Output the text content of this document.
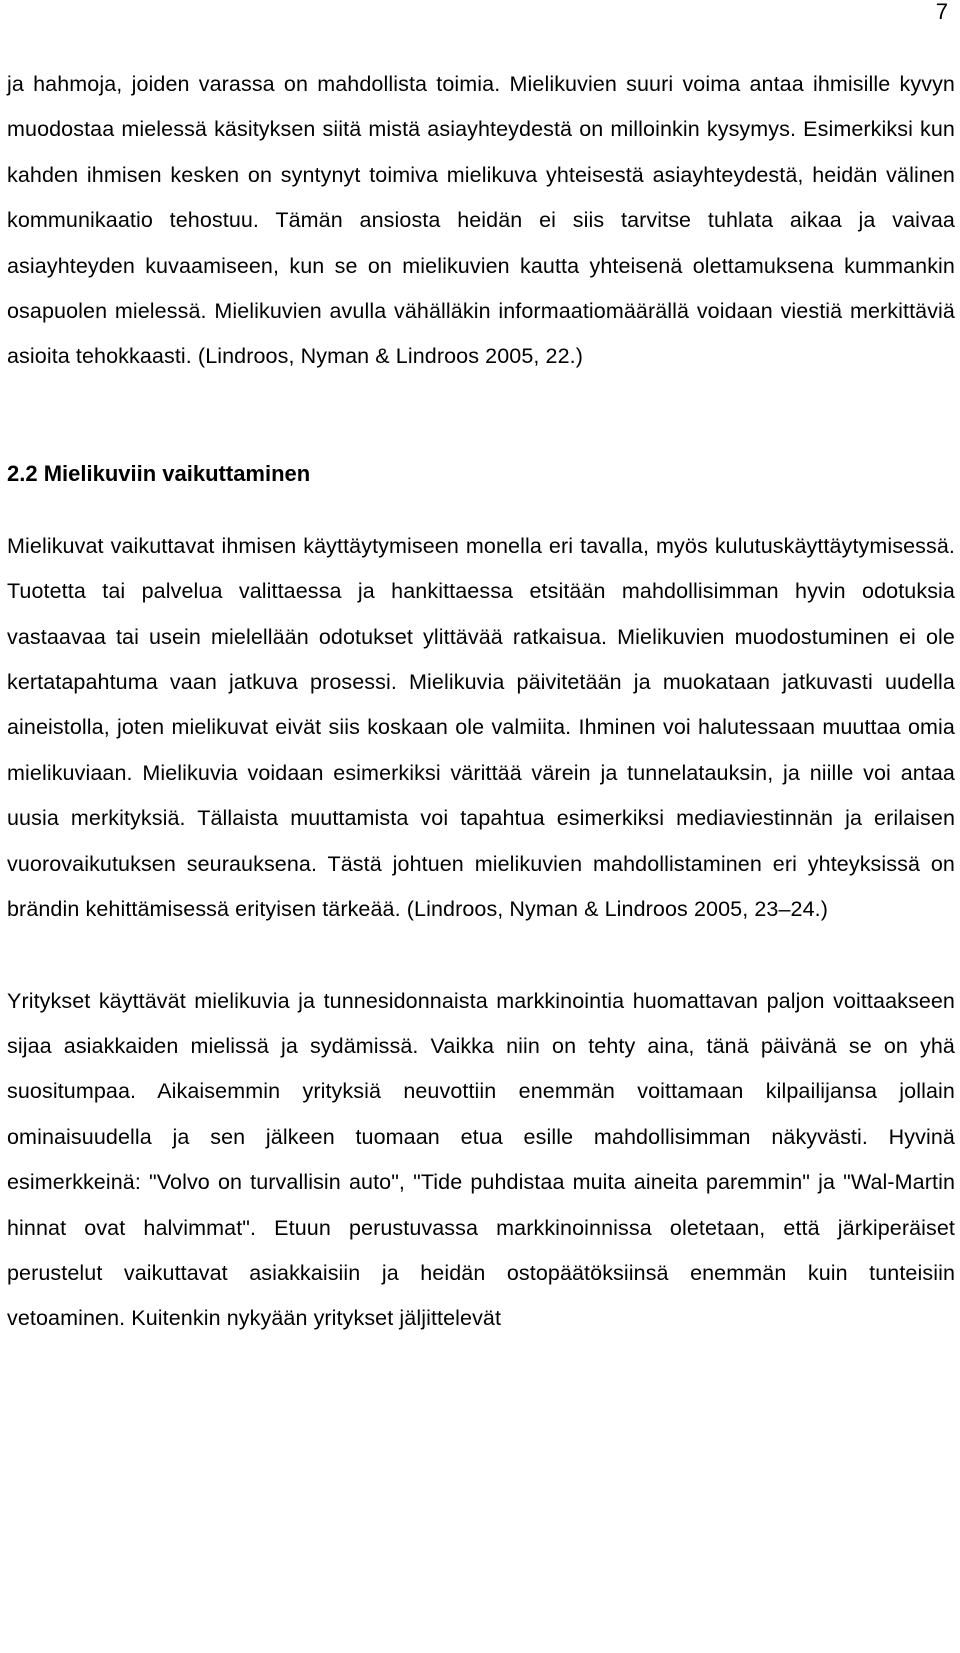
7

ja hahmoja, joiden varassa on mahdollista toimia. Mielikuvien suuri voima antaa ihmisille kyvyn muodostaa mielessä käsityksen siitä mistä asiayhteydestä on milloinkin kysymys. Esimerkiksi kun kahden ihmisen kesken on syntynyt toimiva mielikuva yhteisestä asiayhteydestä, heidän välinen kommunikaatio tehostuu. Tämän ansiosta heidän ei siis tarvitse tuhlata aikaa ja vaivaa asiayhteyden kuvaamiseen, kun se on mielikuvien kautta yhteisenä olettamuksena kummankin osapuolen mielessä. Mielikuvien avulla vähälläkin informaatiomäärällä voidaan viestiä merkittäviä asioita tehokkaasti. (Lindroos, Nyman & Lindroos 2005, 22.)

2.2 Mielikuviin vaikuttaminen

Mielikuvat vaikuttavat ihmisen käyttäytymiseen monella eri tavalla, myös kulutuskäyttäytymisessä. Tuotetta tai palvelua valittaessa ja hankittaessa etsitään mahdollisimman hyvin odotuksia vastaavaa tai usein mielellään odotukset ylittävää ratkaisua. Mielikuvien muodostuminen ei ole kertatapahtuma vaan jatkuva prosessi. Mielikuvia päivitetään ja muokataan jatkuvasti uudella aineistolla, joten mielikuvat eivät siis koskaan ole valmiita. Ihminen voi halutessaan muuttaa omia mielikuviaan. Mielikuvia voidaan esimerkiksi värittää värein ja tunnelatauksin, ja niille voi antaa uusia merkityksiä. Tällaista muuttamista voi tapahtua esimerkiksi mediaviestinnän ja erilaisen vuorovaikutuksen seurauksena. Tästä johtuen mielikuvien mahdollistaminen eri yhteyksissä on brändin kehittämisessä erityisen tärkeää. (Lindroos, Nyman & Lindroos 2005, 23–24.)

Yritykset käyttävät mielikuvia ja tunnesidonnaista markkinointia huomattavan paljon voittaakseen sijaa asiakkaiden mielissä ja sydämissä. Vaikka niin on tehty aina, tänä päivänä se on yhä suositumpaa. Aikaisemmin yrityksiä neuvottiin enemmän voittamaan kilpailijansa jollain ominaisuudella ja sen jälkeen tuomaan etua esille mahdollisimman näkyvästi. Hyvinä esimerkkeinä: "Volvo on turvallisin auto", "Tide puhdistaa muita aineita paremmin" ja "Wal-Martin hinnat ovat halvimmat". Etuun perustuvassa markkinoinnissa oletetaan, että järkiperäiset perustelut vaikuttavat asiakkaisiin ja heidän ostopäätöksiinsä enemmän kuin tunteisiin vetoaminen. Kuitenkin nykyään yritykset jäljittelevät
